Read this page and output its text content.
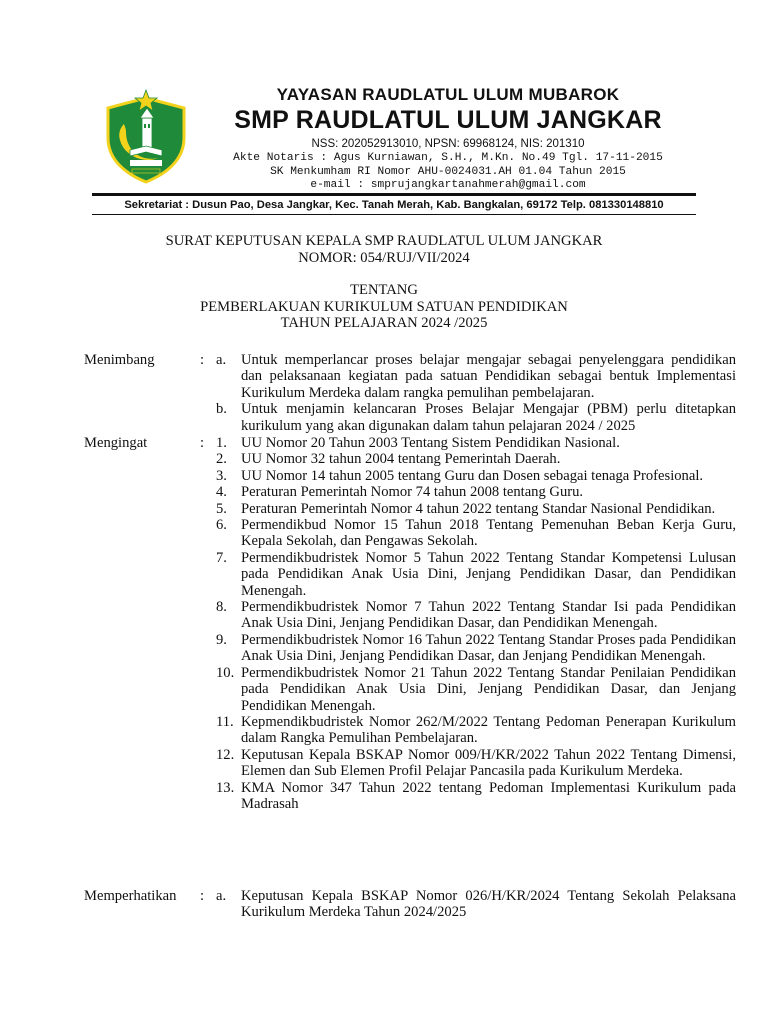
YAYASAN RAUDLATUL ULUM MUBAROK
SMP RAUDLATUL ULUM JANGKAR
NSS: 202052913010, NPSN: 69968124, NIS: 201310
Akte Notaris : Agus Kurniawan, S.H., M.Kn. No.49 Tgl. 17-11-2015
SK Menkumham RI Nomor AHU-0024031.AH 01.04 Tahun 2015
e-mail : smprujangkartanahmerah@gmail.com
Sekretariat : Dusun Pao, Desa Jangkar, Kec. Tanah Merah, Kab. Bangkalan, 69172 Telp. 081330148810
SURAT KEPUTUSAN KEPALA SMP RAUDLATUL ULUM JANGKAR
NOMOR: 054/RUJ/VII/2024
TENTANG
PEMBERLAKUAN KURIKULUM SATUAN PENDIDIKAN
TAHUN PELAJARAN 2024 /2025
Menimbang	: a. Untuk memperlancar proses belajar mengajar sebagai penyelenggara pendidikan dan pelaksanaan kegiatan pada satuan Pendidikan sebagai bentuk Implementasi Kurikulum Merdeka dalam rangka pemulihan pembelajaran.
b. Untuk menjamin kelancaran Proses Belajar Mengajar (PBM) perlu ditetapkan kurikulum yang akan digunakan dalam tahun pelajaran 2024 / 2025
Mengingat	: 1. UU Nomor 20 Tahun 2003 Tentang Sistem Pendidikan Nasional.
2. UU Nomor 32 tahun 2004 tentang Pemerintah Daerah.
3. UU Nomor 14 tahun 2005 tentang Guru dan Dosen sebagai tenaga Profesional.
4. Peraturan Pemerintah Nomor 74 tahun 2008 tentang Guru.
5. Peraturan Pemerintah Nomor 4 tahun 2022 tentang Standar Nasional Pendidikan.
6. Permendikbud Nomor 15 Tahun 2018 Tentang Pemenuhan Beban Kerja Guru, Kepala Sekolah, dan Pengawas Sekolah.
7. Permendikbudristek Nomor 5 Tahun 2022 Tentang Standar Kompetensi Lulusan pada Pendidikan Anak Usia Dini, Jenjang Pendidikan Dasar, dan Pendidikan Menengah.
8. Permendikbudristek Nomor 7 Tahun 2022 Tentang Standar Isi pada Pendidikan Anak Usia Dini, Jenjang Pendidikan Dasar, dan Pendidikan Menengah.
9. Permendikbudristek Nomor 16 Tahun 2022 Tentang Standar Proses pada Pendidikan Anak Usia Dini, Jenjang Pendidikan Dasar, dan Jenjang Pendidikan Menengah.
10. Permendikbudristek Nomor 21 Tahun 2022 Tentang Standar Penilaian Pendidikan pada Pendidikan Anak Usia Dini, Jenjang Pendidikan Dasar, dan Jenjang Pendidikan Menengah.
11. Kepmendikbudristek Nomor 262/M/2022 Tentang Pedoman Penerapan Kurikulum dalam Rangka Pemulihan Pembelajaran.
12. Keputusan Kepala BSKAP Nomor 009/H/KR/2022 Tahun 2022 Tentang Dimensi, Elemen dan Sub Elemen Profil Pelajar Pancasila pada Kurikulum Merdeka.
13. KMA Nomor 347 Tahun 2022 tentang Pedoman Implementasi Kurikulum pada Madrasah
Memperhatikan	: a. Keputusan Kepala BSKAP Nomor 026/H/KR/2024 Tentang Sekolah Pelaksana Kurikulum Merdeka Tahun 2024/2025
